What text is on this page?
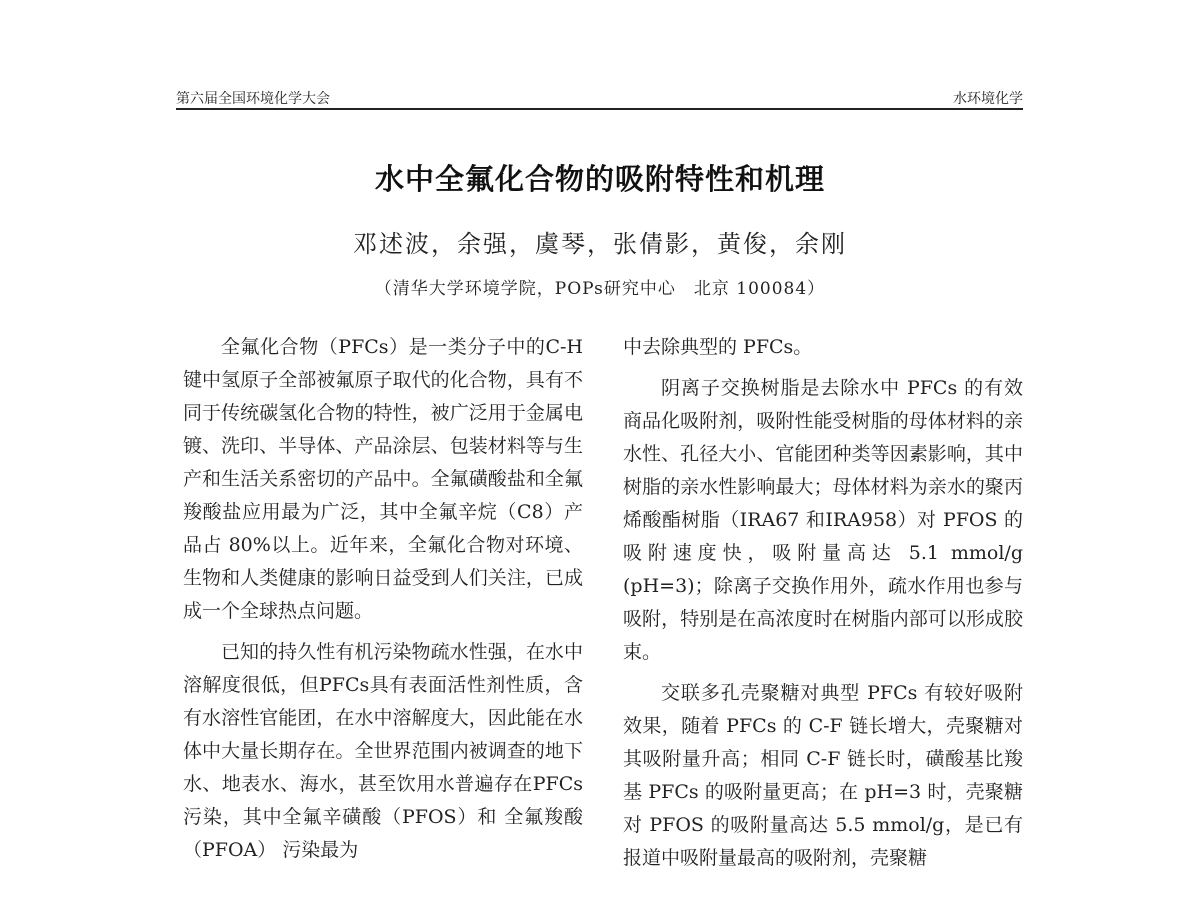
第六届全国环境化学大会	水环境化学
水中全氟化合物的吸附特性和机理
邓述波，余强，虞琴，张倩影，黄俊，余刚
（清华大学环境学院，POPs研究中心　北京 100084）

全氟化合物（PFCs）是一类分子中的C-H 键中氢原子全部被氟原子取代的化合物，具有不同于传统碳氢化合物的特性，被广泛用于金属电镀、洗印、半导体、产品涂层、包装材料等与生产和生活关系密切的产品中。全氟磺酸盐和全氟羧酸盐应用最为广泛，其中全氟辛烷（C8）产品占 80%以上。近年来，全氟化合物对环境、生物和人类健康的影响日益受到人们关注，已成成一个全球热点问题。

已知的持久性有机污染物疏水性强，在水中溶解度很低，但PFCs具有表面活性剂性质，含有水溶性官能团，在水中溶解度大，因此能在水体中大量长期存在。全世界范围内被调查的地下水、地表水、海水，甚至饮用水普遍存在PFCs污染，其中全氟辛磺酸（PFOS）和 全氟羧酸（PFOA） 污染最为

中去除典型的 PFCs。

阴离子交换树脂是去除水中 PFCs 的有效商品化吸附剂，吸附性能受树脂的母体材料的亲水性、孔径大小、官能团种类等因素影响，其中树脂的亲水性影响最大；母体材料为亲水的聚丙烯酸酯树脂（IRA67 和IRA958）对 PFOS 的吸附速度快，吸附量高达 5.1 mmol/g (pH=3)；除离子交换作用外，疏水作用也参与吸附，特别是在高浓度时在树脂内部可以形成胶束。

交联多孔壳聚糖对典型 PFCs 有较好吸附效果，随着 PFCs 的 C-F 链长增大，壳聚糖对其吸附量升高；相同 C-F 链长时，磺酸基比羧基 PFCs 的吸附量更高；在 pH=3 时，壳聚糖对 PFOS 的吸附量高达 5.5 mmol/g，是已有报道中吸附量最高的吸附剂，壳聚糖
